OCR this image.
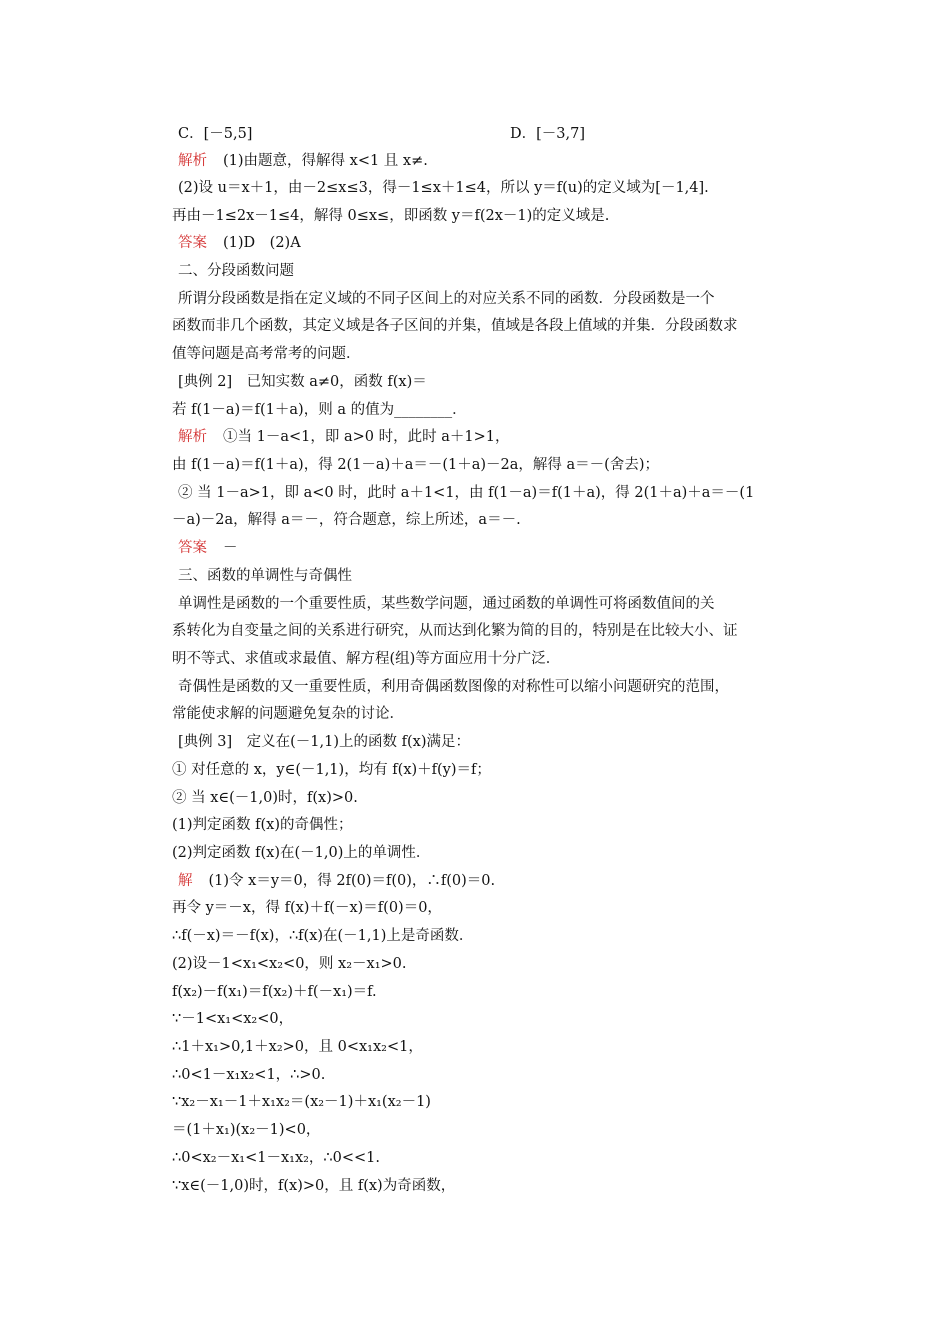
C．[－5,5]	D．[－3,7]
解析 (1)由题意，得解得 x<1 且 x≠.
(2)设 u＝x＋1，由－2≤x≤3，得－1≤x＋1≤4，所以 y＝f(u)的定义域为[－1,4].
再由－1≤2x－1≤4，解得 0≤x≤，即函数 y＝f(2x－1)的定义域是.
答案 (1)D　(2)A
二、分段函数问题
所谓分段函数是指在定义域的不同子区间上的对应关系不同的函数．分段函数是一个
函数而非几个函数，其定义域是各子区间的并集，值域是各段上值域的并集．分段函数求
值等问题是高考常考的问题．
[典例 2]　已知实数 a≠0，函数 f(x)＝
若 f(1－a)＝f(1＋a)，则 a 的值为________．
解析 ①当 1－a<1，即 a>0 时，此时 a＋1>1，
由 f(1－a)＝f(1＋a)，得 2(1－a)＋a＝－(1＋a)－2a，解得 a＝－(舍去)；
② 当 1－a>1，即 a<0 时，此时 a＋1<1，由 f(1－a)＝f(1＋a)，得 2(1＋a)＋a＝－(1
－a)－2a，解得 a＝－，符合题意，综上所述，a＝－.
答案 －
三、函数的单调性与奇偶性
单调性是函数的一个重要性质，某些数学问题，通过函数的单调性可将函数值间的关
系转化为自变量之间的关系进行研究，从而达到化繁为简的目的，特别是在比较大小、证
明不等式、求值或求最值、解方程(组)等方面应用十分广泛．
奇偶性是函数的又一重要性质，利用奇偶函数图像的对称性可以缩小问题研究的范围，
常能使求解的问题避免复杂的讨论．
[典例 3]　定义在(－1,1)上的函数 f(x)满足：
① 对任意的 x，y∈(－1,1)，均有 f(x)＋f(y)＝f；
② 当 x∈(－1,0)时，f(x)>0.
(1)判定函数 f(x)的奇偶性；
(2)判定函数 f(x)在(－1,0)上的单调性．
解 (1)令 x＝y＝0，得 2f(0)＝f(0)，∴f(0)＝0.
再令 y＝－x，得 f(x)＋f(－x)＝f(0)＝0，
∴f(－x)＝－f(x)，∴f(x)在(－1,1)上是奇函数．
(2)设－1<x₁<x₂<0，则 x₂－x₁>0.
f(x₂)－f(x₁)＝f(x₂)＋f(－x₁)＝f.
∵－1<x₁<x₂<0，
∴1＋x₁>0,1＋x₂>0，且 0<x₁x₂<1，
∴0<1－x₁x₂<1，∴>0.
∵x₂－x₁－1＋x₁x₂＝(x₂－1)＋x₁(x₂－1)
＝(1＋x₁)(x₂－1)<0，
∴0<x₂－x₁<1－x₁x₂，∴0<<1.
∵x∈(－1,0)时，f(x)>0，且 f(x)为奇函数，
